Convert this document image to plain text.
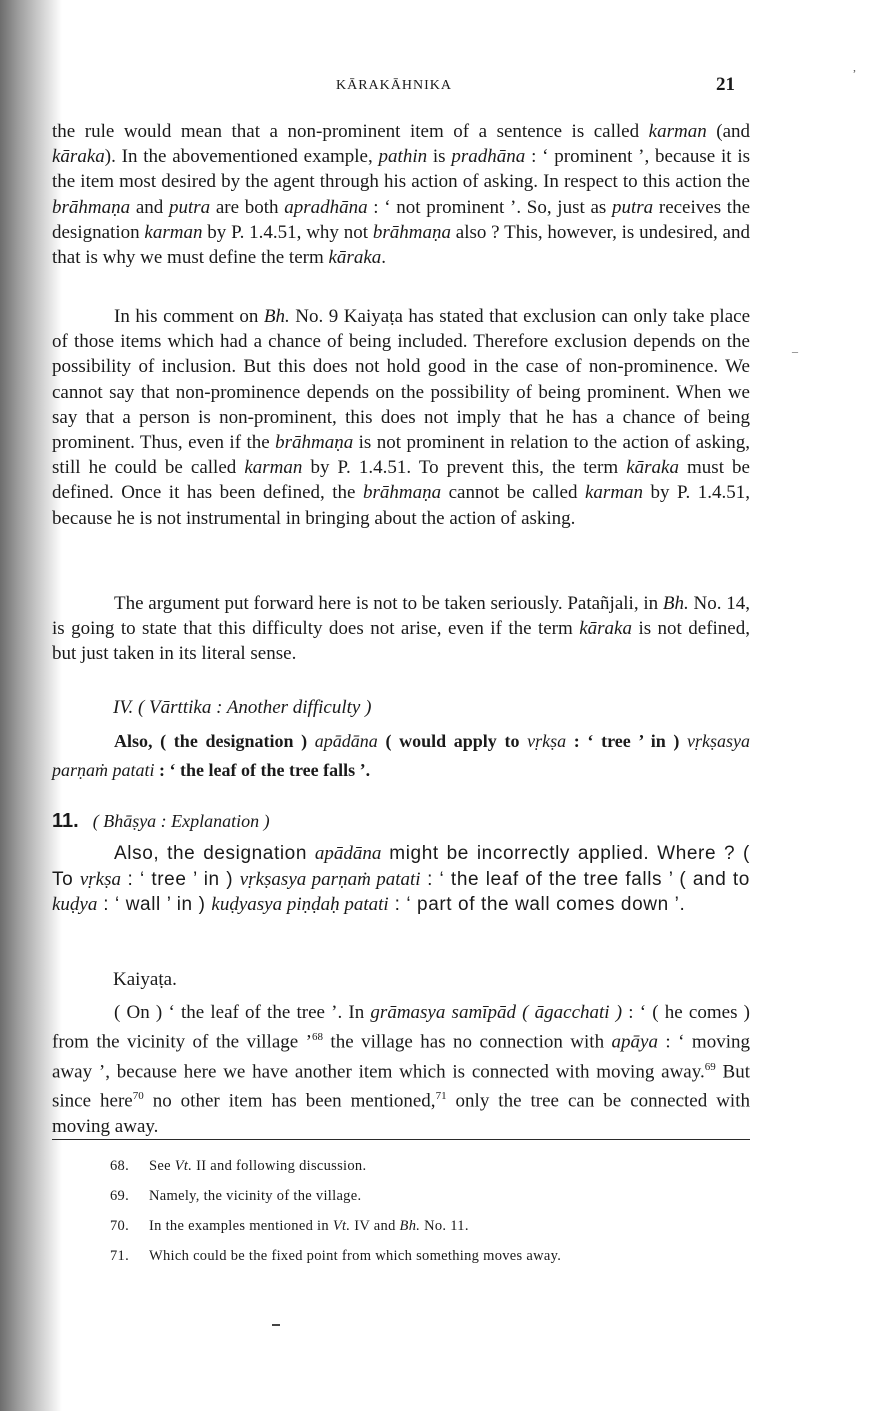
KĀRAKĀHNIKA	21

the rule would mean that a non-prominent item of a sentence is called karman (and kāraka). In the abovementioned example, pathin is pradhāna : ‘ prominent ’, because it is the item most desired by the agent through his action of asking. In respect to this action the brāhmaṇa and putra are both apradhāna : ‘ not prominent ’. So, just as putra receives the designation karman by P. 1.4.51, why not brāhmaṇa also ? This, however, is undesired, and that is why we must define the term kāraka.

In his comment on Bh. No. 9 Kaiyaṭa has stated that exclusion can only take place of those items which had a chance of being included. Therefore exclusion depends on the possibility of inclusion. But this does not hold good in the case of non-prominence. We cannot say that non-prominence depends on the possibility of being prominent. When we say that a person is non-prominent, this does not imply that he has a chance of being prominent. Thus, even if the brāhmaṇa is not prominent in relation to the action of asking, still he could be called karman by P. 1.4.51. To prevent this, the term kāraka must be defined. Once it has been defined, the brāhmaṇa cannot be called karman by P. 1.4.51, because he is not instrumental in bringing about the action of asking.

The argument put forward here is not to be taken seriously. Patañjali, in Bh. No. 14, is going to state that this difficulty does not arise, even if the term kāraka is not defined, but just taken in its literal sense.

IV. ( Vārttika : Another difficulty )

Also, ( the designation ) apādāna ( would apply to vṛkṣa : ‘ tree ’ in ) vṛkṣasya parṇaṁ patati : ‘ the leaf of the tree falls ’.

11. ( Bhāṣya : Explanation )

Also, the designation apādāna might be incorrectly applied. Where ? ( To vṛkṣa : ‘ tree ’ in ) vṛkṣasya parṇaṁ patati : ‘ the leaf of the tree falls ’ ( and to kuḍya : ‘ wall ’ in ) kuḍyasya piṇḍaḥ patati : ‘ part of the wall comes down ’.

Kaiyaṭa.

( On ) ‘ the leaf of the tree ’. In grāmasya samīpād ( āgacchati ) : ‘ ( he comes ) from the vicinity of the village ’$^{68}$ the village has no connection with apāya : ‘ moving away ’, because here we have another item which is connected with moving away.$^{69}$ But since here$^{70}$ no other item has been mentioned,$^{71}$ only the tree can be connected with moving away.

68. See Vt. II and following discussion.

69. Namely, the vicinity of the village.

70. In the examples mentioned in Vt. IV and Bh. No. 11.

71. Which could be the fixed point from which something moves away.

,
_
